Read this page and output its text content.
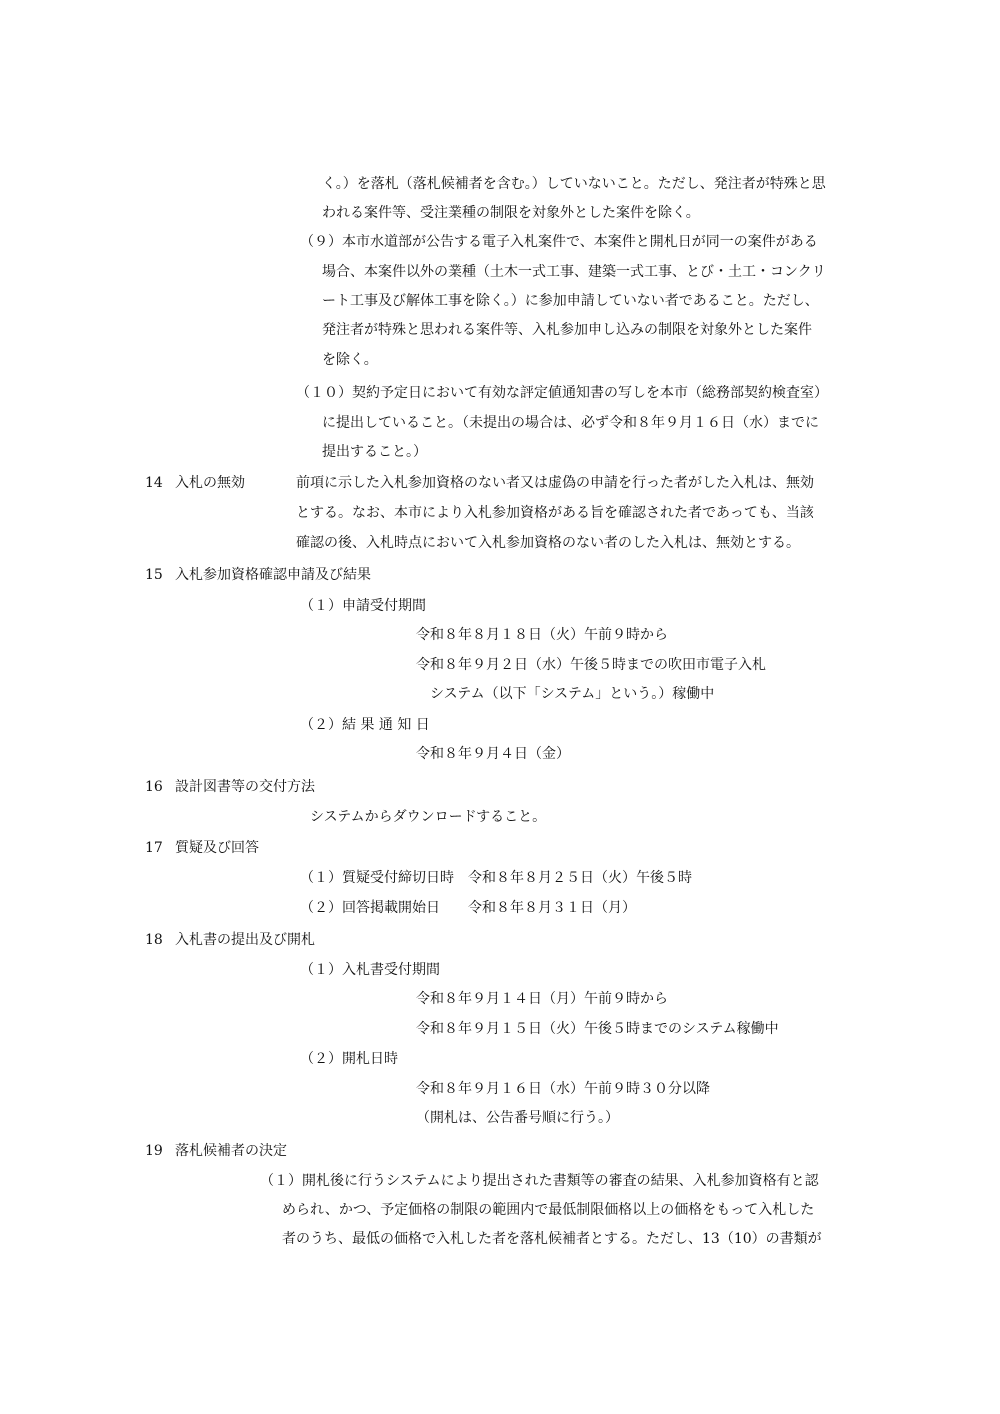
く。）を落札（落札候補者を含む。）していないこと。ただし、発注者が特殊と思
われる案件等、受注業種の制限を対象外とした案件を除く。
（９）本市水道部が公告する電子入札案件で、本案件と開札日が同一の案件がある
場合、本案件以外の業種（土木一式工事、建築一式工事、とび・土工・コンクリ
ート工事及び解体工事を除く。）に参加申請していない者であること。ただし、
発注者が特殊と思われる案件等、入札参加申し込みの制限を対象外とした案件
を除く。
（１０）契約予定日において有効な評定値通知書の写しを本市（総務部契約検査室）
に提出していること。（未提出の場合は、必ず令和８年９月１６日（水）までに
提出すること。）
14 入札の無効	前項に示した入札参加資格のない者又は虚偽の申請を行った者がした入札は、無効
とする。なお、本市により入札参加資格がある旨を確認された者であっても、当該
確認の後、入札時点において入札参加資格のない者のした入札は、無効とする。
15 入札参加資格確認申請及び結果
（１）申請受付期間
令和８年８月１８日（火）午前９時から
令和８年９月２日（水）午後５時までの吹田市電子入札
システム（以下「システム」という。）稼働中
（２）結 果 通 知 日
令和８年９月４日（金）
16 設計図書等の交付方法
システムからダウンロードすること。
17 質疑及び回答
（１）質疑受付締切日時　令和８年８月２５日（火）午後５時
（２）回答掲載開始日　　令和８年８月３１日（月）
18 入札書の提出及び開札
（１）入札書受付期間
令和８年９月１４日（月）午前９時から
令和８年９月１５日（火）午後５時までのシステム稼働中
（２）開札日時
令和８年９月１６日（水）午前９時３０分以降
（開札は、公告番号順に行う。）
19 落札候補者の決定
（１）開札後に行うシステムにより提出された書類等の審査の結果、入札参加資格有と認
められ、かつ、予定価格の制限の範囲内で最低制限価格以上の価格をもって入札した
者のうち、最低の価格で入札した者を落札候補者とする。ただし、13（10）の書類が
